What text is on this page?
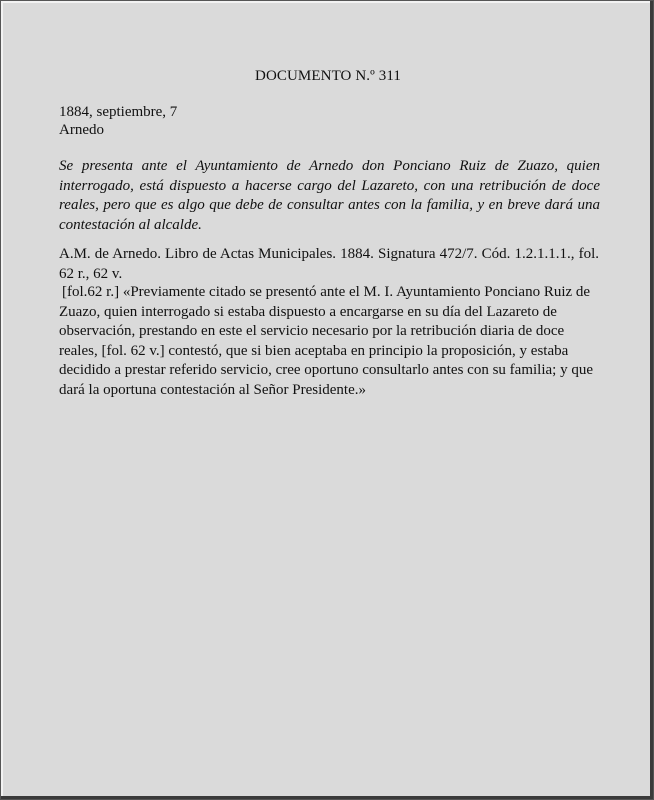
DOCUMENTO N.º 311
1884, septiembre, 7
Arnedo
Se presenta ante el Ayuntamiento de Arnedo don Ponciano Ruiz de Zuazo, quien interrogado, está dispuesto a hacerse cargo del Lazareto, con una retribución de doce reales, pero que es algo que debe de consultar antes con la familia, y en breve dará una contestación al alcalde.
A.M. de Arnedo. Libro de Actas Municipales. 1884. Signatura 472/7. Cód. 1.2.1.1.1., fol. 62 r., 62 v.
[fol.62 r.] «Previamente citado se presentó ante el M. I. Ayuntamiento Ponciano Ruiz de Zuazo, quien interrogado si estaba dispuesto a encargarse en su día del Lazareto de observación, prestando en este el servicio necesario por la retribución diaria de doce reales, [fol. 62 v.] contestó, que si bien aceptaba en principio la proposición, y estaba decidido a prestar referido servicio, cree oportuno consultarlo antes con su familia; y que dará la oportuna contestación al Señor Presidente.»
